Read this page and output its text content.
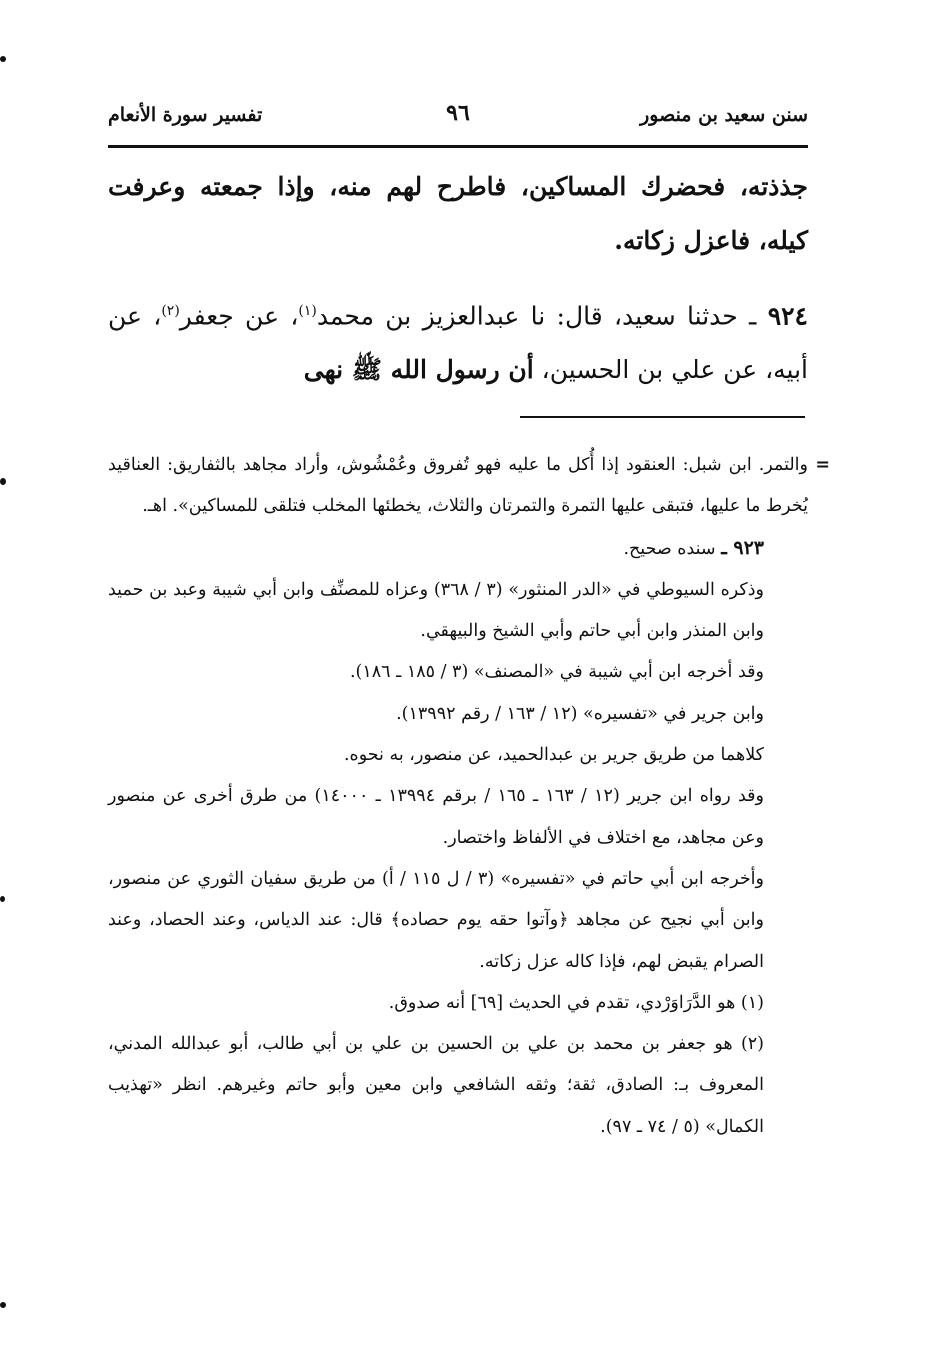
سنن سعيد بن منصور
٩٦
تفسير سورة الأنعام
جذذته، فحضرك المساكين، فاطرح لهم منه، وإذا جمعته وعرفت كيله، فاعزل زكاته.
٩٢٤ ـ حدثنا سعيد، قال: نا عبدالعزيز بن محمد$^{(١)}$، عن جعفر$^{(٢)}$، عن أبيه، عن علي بن الحسين، أن رسول الله ﷺ نهى

=
والتمر. ابن شبل: العنقود إذا أُكل ما عليه فهو تُفروق وعُمْشُوش، وأراد مجاهد بالثفاريق: العناقيد يُخرط ما عليها، فتبقى عليها التمرة والتمرتان والثلاث، يخطئها المخلب فتلقى للمساكين». اهـ.

٩٢٣ ـ سنده صحيح.

وذكره السيوطي في «الدر المنثور» (٣ / ٣٦٨) وعزاه للمصنِّف وابن أبي شيبة وعبد بن حميد وابن المنذر وابن أبي حاتم وأبي الشيخ والبيهقي.

وقد أخرجه ابن أبي شيبة في «المصنف» (٣ / ١٨٥ ـ ١٨٦).

وابن جرير في «تفسيره» (١٢ / ١٦٣ / رقم ١٣٩٩٢).

كلاهما من طريق جرير بن عبدالحميد، عن منصور، به نحوه.

وقد رواه ابن جرير (١٢ / ١٦٣ ـ ١٦٥ / برقم ١٣٩٩٤ ـ ١٤٠٠٠) من طرق أخرى عن منصور وعن مجاهد، مع اختلاف في الألفاظ واختصار.

وأخرجه ابن أبي حاتم في «تفسيره» (٣ / ل ١١٥ / أ) من طريق سفيان الثوري عن منصور، وابن أبي نجيح عن مجاهد ﴿وآتوا حقه يوم حصاده﴾ قال: عند الدياس، وعند الحصاد، وعند الصرام يقبض لهم، فإذا كاله عزل زكاته.

(١) هو الدَّرَاوَرْدي، تقدم في الحديث [٦٩] أنه صدوق.

(٢) هو جعفر بن محمد بن علي بن الحسين بن علي بن أبي طالب، أبو عبدالله المدني، المعروف بـ: الصادق، ثقة؛ وثقه الشافعي وابن معين وأبو حاتم وغيرهم. انظر «تهذيب الكمال» (٥ / ٧٤ ـ ٩٧).
